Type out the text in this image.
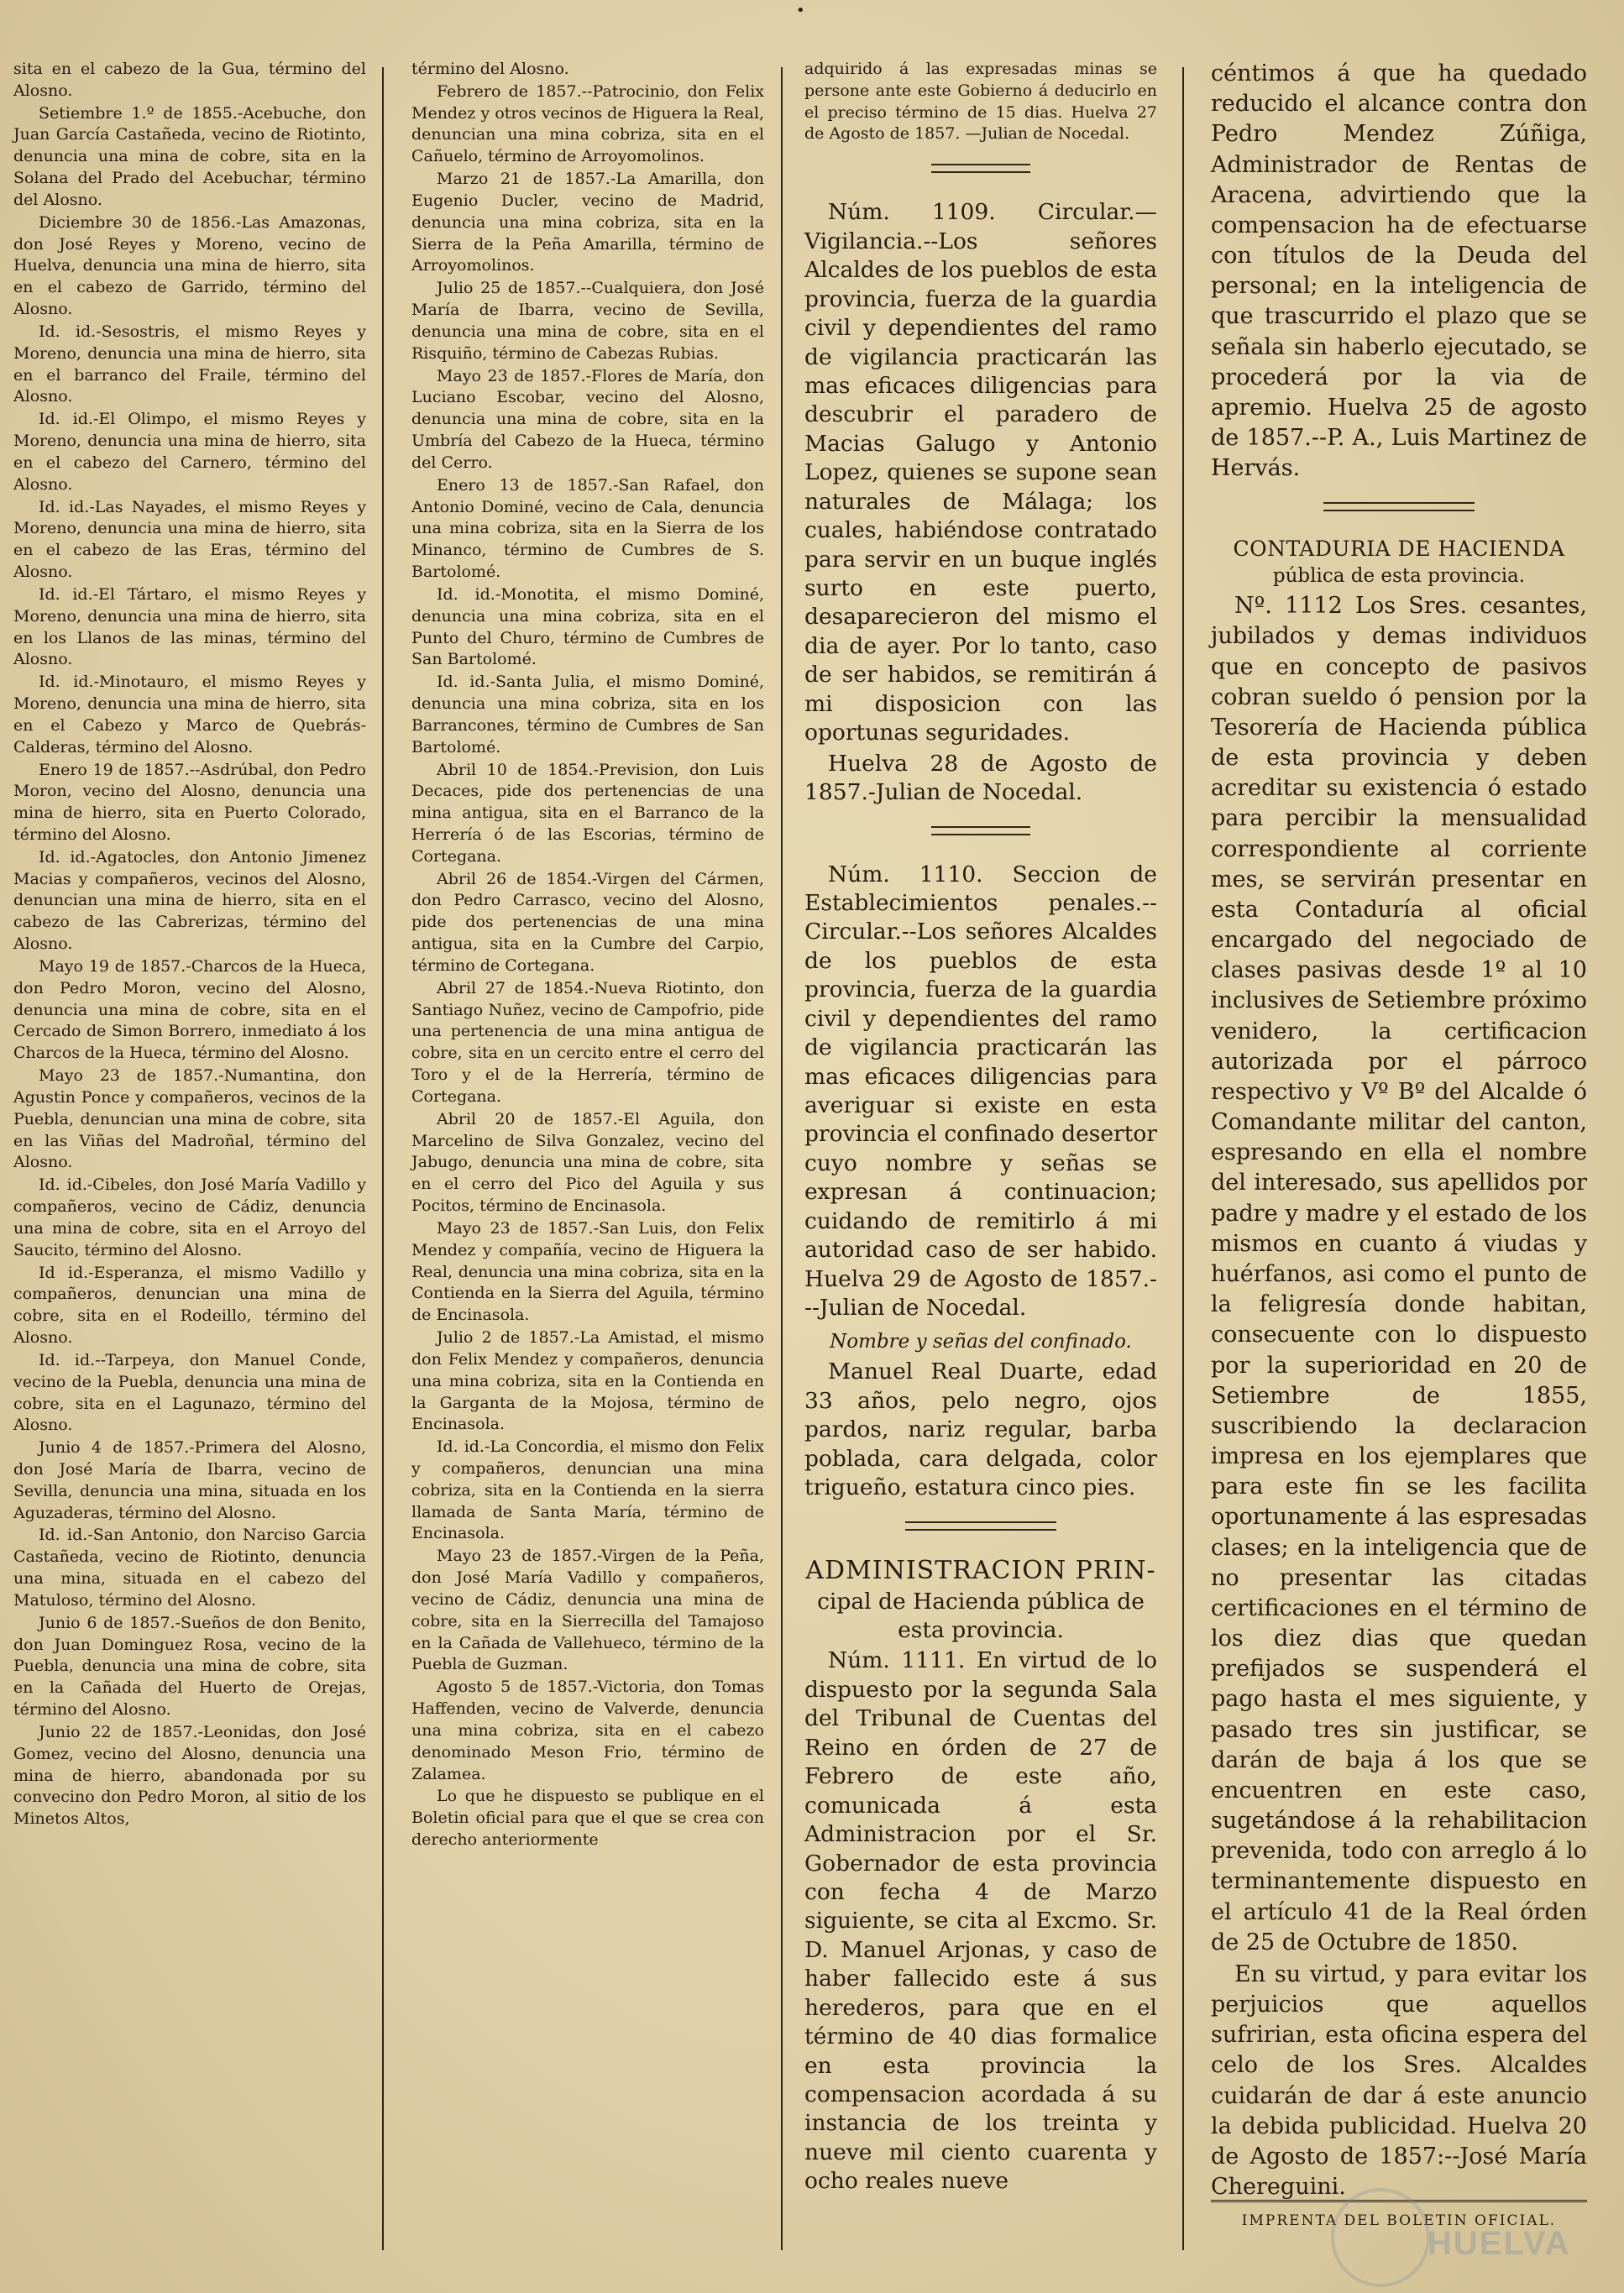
•

sita en el cabezo de la Gua, término del Alosno.

Setiembre 1.º de 1855.-Acebuche, don Juan García Castañeda, vecino de Riotinto, denuncia una mina de cobre, sita en la Solana del Prado del Acebuchar, término del Alosno.

Diciembre 30 de 1856.-Las Amazonas, don José Reyes y Moreno, vecino de Huelva, denuncia una mina de hierro, sita en el cabezo de Garrido, término del Alosno.

Id. id.-Sesostris, el mismo Reyes y Moreno, denuncia una mina de hierro, sita en el barranco del Fraile, término del Alosno.

Id. id.-El Olimpo, el mismo Reyes y Moreno, denuncia una mina de hierro, sita en el cabezo del Carnero, término del Alosno.

Id. id.-Las Nayades, el mismo Reyes y Moreno, denuncia una mina de hierro, sita en el cabezo de las Eras, término del Alosno.

Id. id.-El Tártaro, el mismo Reyes y Moreno, denuncia una mina de hierro, sita en los Llanos de las minas, término del Alosno.

Id. id.-Minotauro, el mismo Reyes y Moreno, denuncia una mina de hierro, sita en el Cabezo y Marco de Quebrás-Calderas, término del Alosno.

Enero 19 de 1857.--Asdrúbal, don Pedro Moron, vecino del Alosno, denuncia una mina de hierro, sita en Puerto Colorado, término del Alosno.

Id. id.-Agatocles, don Antonio Jimenez Macias y compañeros, vecinos del Alosno, denuncian una mina de hierro, sita en el cabezo de las Cabrerizas, término del Alosno.

Mayo 19 de 1857.-Charcos de la Hueca, don Pedro Moron, vecino del Alosno, denuncia una mina de cobre, sita en el Cercado de Simon Borrero, inmediato á los Charcos de la Hueca, término del Alosno.

Mayo 23 de 1857.-Numantina, don Agustin Ponce y compañeros, vecinos de la Puebla, denuncian una mina de cobre, sita en las Viñas del Madroñal, término del Alosno.

Id. id.-Cibeles, don José María Vadillo y compañeros, vecino de Cádiz, denuncia una mina de cobre, sita en el Arroyo del Saucito, término del Alosno.

Id id.-Esperanza, el mismo Vadillo y compañeros, denuncian una mina de cobre, sita en el Rodeillo, término del Alosno.

Id. id.--Tarpeya, don Manuel Conde, vecino de la Puebla, denuncia una mina de cobre, sita en el Lagunazo, término del Alosno.

Junio 4 de 1857.-Primera del Alosno, don José María de Ibarra, vecino de Sevilla, denuncia una mina, situada en los Aguzaderas, término del Alosno.

Id. id.-San Antonio, don Narciso Garcia Castañeda, vecino de Riotinto, denuncia una mina, situada en el cabezo del Matuloso, término del Alosno.

Junio 6 de 1857.-Sueños de don Benito, don Juan Dominguez Rosa, vecino de la Puebla, denuncia una mina de cobre, sita en la Cañada del Huerto de Orejas, término del Alosno.

Junio 22 de 1857.-Leonidas, don José Gomez, vecino del Alosno, denuncia una mina de hierro, abandonada por su convecino don Pedro Moron, al sitio de los Minetos Altos,

término del Alosno.

Febrero de 1857.--Patrocinio, don Felix Mendez y otros vecinos de Higuera la Real, denuncian una mina cobriza, sita en el Cañuelo, término de Arroyomolinos.

Marzo 21 de 1857.-La Amarilla, don Eugenio Ducler, vecino de Madrid, denuncia una mina cobriza, sita en la Sierra de la Peña Amarilla, término de Arroyomolinos.

Julio 25 de 1857.--Cualquiera, don José María de Ibarra, vecino de Sevilla, denuncia una mina de cobre, sita en el Risquiño, término de Cabezas Rubias.

Mayo 23 de 1857.-Flores de María, don Luciano Escobar, vecino del Alosno, denuncia una mina de cobre, sita en la Umbría del Cabezo de la Hueca, término del Cerro.

Enero 13 de 1857.-San Rafael, don Antonio Dominé, vecino de Cala, denuncia una mina cobriza, sita en la Sierra de los Minanco, término de Cumbres de S. Bartolomé.

Id. id.-Monotita, el mismo Dominé, denuncia una mina cobriza, sita en el Punto del Churo, término de Cumbres de San Bartolomé.

Id. id.-Santa Julia, el mismo Dominé, denuncia una mina cobriza, sita en los Barrancones, término de Cumbres de San Bartolomé.

Abril 10 de 1854.-Prevision, don Luis Decaces, pide dos pertenencias de una mina antigua, sita en el Barranco de la Herrería ó de las Escorias, término de Cortegana.

Abril 26 de 1854.-Virgen del Cármen, don Pedro Carrasco, vecino del Alosno, pide dos pertenencias de una mina antigua, sita en la Cumbre del Carpio, término de Cortegana.

Abril 27 de 1854.-Nueva Riotinto, don Santiago Nuñez, vecino de Campofrio, pide una pertenencia de una mina antigua de cobre, sita en un cercito entre el cerro del Toro y el de la Herrería, término de Cortegana.

Abril 20 de 1857.-El Aguila, don Marcelino de Silva Gonzalez, vecino del Jabugo, denuncia una mina de cobre, sita en el cerro del Pico del Aguila y sus Pocitos, término de Encinasola.

Mayo 23 de 1857.-San Luis, don Felix Mendez y compañía, vecino de Higuera la Real, denuncia una mina cobriza, sita en la Contienda en la Sierra del Aguila, término de Encinasola.

Julio 2 de 1857.-La Amistad, el mismo don Felix Mendez y compañeros, denuncia una mina cobriza, sita en la Contienda en la Garganta de la Mojosa, término de Encinasola.

Id. id.-La Concordia, el mismo don Felix y compañeros, denuncian una mina cobriza, sita en la Contienda en la sierra llamada de Santa María, término de Encinasola.

Mayo 23 de 1857.-Virgen de la Peña, don José María Vadillo y compañeros, vecino de Cádiz, denuncia una mina de cobre, sita en la Sierrecilla del Tamajoso en la Cañada de Vallehueco, término de la Puebla de Guzman.

Agosto 5 de 1857.-Victoria, don Tomas Haffenden, vecino de Valverde, denuncia una mina cobriza, sita en el cabezo denominado Meson Frio, término de Zalamea.

Lo que he dispuesto se publique en el Boletin oficial para que el que se crea con derecho anteriormente

adquirido á las expresadas minas se persone ante este Gobierno á deducirlo en el preciso término de 15 dias. Huelva 27 de Agosto de 1857. —Julian de Nocedal.

Núm. 1109. Circular.— Vigilancia.--Los señores Alcaldes de los pueblos de esta provincia, fuerza de la guardia civil y dependientes del ramo de vigilancia practicarán las mas eficaces diligencias para descubrir el paradero de Macias Galugo y Antonio Lopez, quienes se supone sean naturales de Málaga; los cuales, habiéndose contratado para servir en un buque inglés surto en este puerto, desaparecieron del mismo el dia de ayer. Por lo tanto, caso de ser habidos, se remitirán á mi disposicion con las oportunas seguridades.

Huelva 28 de Agosto de 1857.-Julian de Nocedal.

Núm. 1110. Seccion de Establecimientos penales.--Circular.--Los señores Alcaldes de los pueblos de esta provincia, fuerza de la guardia civil y dependientes del ramo de vigilancia practicarán las mas eficaces diligencias para averiguar si existe en esta provincia el confinado desertor cuyo nombre y señas se expresan á continuacion; cuidando de remitirlo á mi autoridad caso de ser habido. Huelva 29 de Agosto de 1857.---Julian de Nocedal.

Nombre y señas del confinado.

Manuel Real Duarte, edad 33 años, pelo negro, ojos pardos, nariz regular, barba poblada, cara delgada, color trigueño, estatura cinco pies.

ADMINISTRACION PRIN-

cipal de Hacienda pública de esta provincia.

Núm. 1111. En virtud de lo dispuesto por la segunda Sala del Tribunal de Cuentas del Reino en órden de 27 de Febrero de este año, comunicada á esta Administracion por el Sr. Gobernador de esta provincia con fecha 4 de Marzo siguiente, se cita al Excmo. Sr. D. Manuel Arjonas, y caso de haber fallecido este á sus herederos, para que en el término de 40 dias formalice en esta provincia la compensacion acordada á su instancia de los treinta y nueve mil ciento cuarenta y ocho reales nueve

céntimos á que ha quedado reducido el alcance contra don Pedro Mendez Zúñiga, Administrador de Rentas de Aracena, advirtiendo que la compensacion ha de efectuarse con títulos de la Deuda del personal; en la inteligencia de que trascurrido el plazo que se señala sin haberlo ejecutado, se procederá por la via de apremio. Huelva 25 de agosto de 1857.--P. A., Luis Martinez de Hervás.

CONTADURIA DE HACIENDA

pública de esta provincia.

Nº. 1112 Los Sres. cesantes, jubilados y demas individuos que en concepto de pasivos cobran sueldo ó pension por la Tesorería de Hacienda pública de esta provincia y deben acreditar su existencia ó estado para percibir la mensualidad correspondiente al corriente mes, se servirán presentar en esta Contaduría al oficial encargado del negociado de clases pasivas desde 1º al 10 inclusives de Setiembre próximo venidero, la certificacion autorizada por el párroco respectivo y Vº Bº del Alcalde ó Comandante militar del canton, espresando en ella el nombre del interesado, sus apellidos por padre y madre y el estado de los mismos en cuanto á viudas y huérfanos, asi como el punto de la feligresía donde habitan, consecuente con lo dispuesto por la superioridad en 20 de Setiembre de 1855, suscribiendo la declaracion impresa en los ejemplares que para este fin se les facilita oportunamente á las espresadas clases; en la inteligencia que de no presentar las citadas certificaciones en el término de los diez dias que quedan prefijados se suspenderá el pago hasta el mes siguiente, y pasado tres sin justificar, se darán de baja á los que se encuentren en este caso, sugetándose á la rehabilitacion prevenida, todo con arreglo á lo terminantemente dispuesto en el artículo 41 de la Real órden de 25 de Octubre de 1850.

En su virtud, y para evitar los perjuicios que aquellos sufririan, esta oficina espera del celo de los Sres. Alcaldes cuidarán de dar á este anuncio la debida publicidad. Huelva 20 de Agosto de 1857:--José María Chereguini.

IMPRENTA DEL BOLETIN OFICIAL.
HUELVA
